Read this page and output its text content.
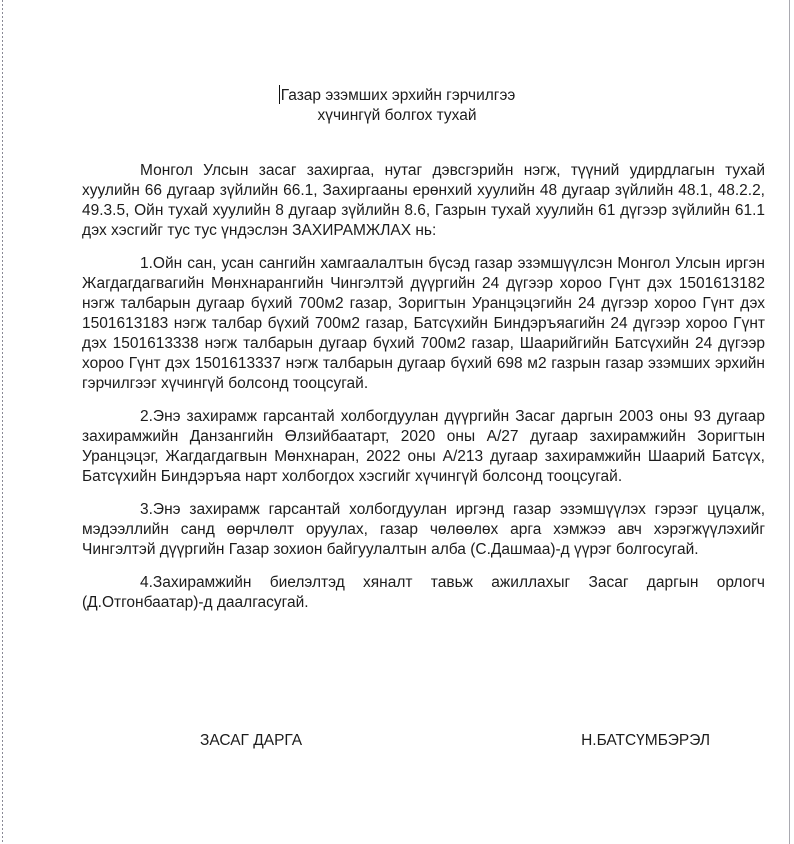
Газар эзэмших эрхийн гэрчилгээ
хүчингүй болгох тухай

Монгол Улсын засаг захиргаа, нутаг дэвсгэрийн нэгж, түүний удирдлагын тухай хуулийн 66 дугаар зүйлийн 66.1, Захиргааны ерөнхий хуулийн 48 дугаар зүйлийн 48.1, 48.2.2, 49.3.5, Ойн тухай хуулийн 8 дугаар зүйлийн 8.6, Газрын тухай хуулийн 61 дүгээр зүйлийн 61.1 дэх хэсгийг тус тус үндэслэн ЗАХИРАМЖЛАХ нь:

1.Ойн сан, усан сангийн хамгаалалтын бүсэд газар эзэмшүүлсэн Монгол Улсын иргэн Жагдагдагвагийн Мөнхнарангийн Чингэлтэй дүүргийн 24 дүгээр хороо Гүнт дэх 1501613182 нэгж талбарын дугаар бүхий 700м2 газар, Зоригтын Уранцэцэгийн 24 дүгээр хороо Гүнт дэх 1501613183 нэгж талбар бүхий 700м2 газар, Батсүхийн Биндэръяагийн 24 дүгээр хороо Гүнт дэх 1501613338 нэгж талбарын дугаар бүхий 700м2 газар, Шаарийгийн Батсүхийн 24 дүгээр хороо Гүнт дэх 1501613337 нэгж талбарын дугаар бүхий 698 м2 газрын газар эзэмших эрхийн гэрчилгээг хүчингүй болсонд тооцсугай.

2.Энэ захирамж гарсантай холбогдуулан дүүргийн Засаг даргын 2003 оны 93 дугаар захирамжийн Данзангийн Өлзийбаатарт, 2020 оны А/27 дугаар захирамжийн Зоригтын Уранцэцэг, Жагдагдагвын Мөнхнаран, 2022 оны А/213 дугаар захирамжийн Шаарий Батсүх, Батсүхийн Биндэръяа нарт холбогдох хэсгийг хүчингүй болсонд тооцсугай.

3.Энэ захирамж гарсантай холбогдуулан иргэнд газар эзэмшүүлэх гэрээг цуцалж, мэдээллийн санд өөрчлөлт оруулах, газар чөлөөлөх арга хэмжээ авч хэрэгжүүлэхийг Чингэлтэй дүүргийн Газар зохион байгуулалтын алба (С.Дашмаа)-д үүрэг болгосугай.

4.Захирамжийн биелэлтэд хяналт тавьж ажиллахыг Засаг даргын орлогч (Д.Отгонбаатар)-д даалгасугай.

ЗАСАГ ДАРГА	Н.БАТСҮМБЭРЭЛ
